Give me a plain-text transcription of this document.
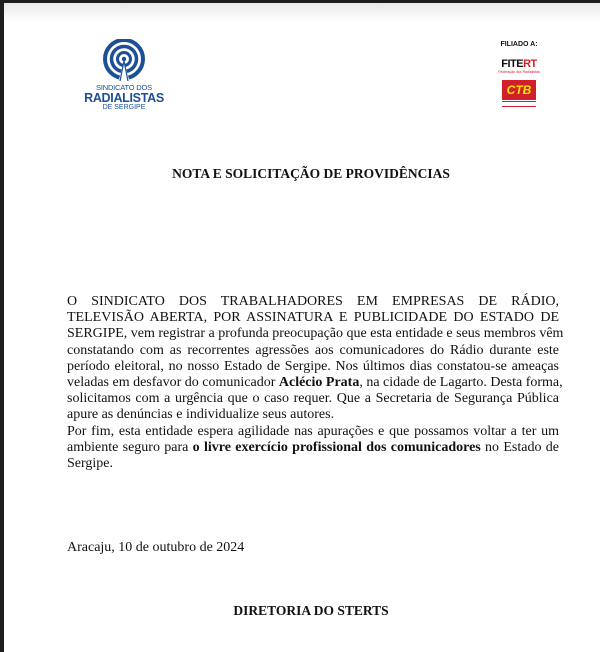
SINDICATO DOS
RADIALISTAS
DE SERGIPE
FILIADO A:
FITERT
Federação dos Radialistas
CTB
NOTA E SOLICITAÇÃO DE PROVIDÊNCIAS
O SINDICATO DOS TRABALHADORES EM EMPRESAS DE RÁDIO,
TELEVISÃO ABERTA, POR ASSINATURA E PUBLICIDADE DO ESTADO DE
SERGIPE, vem registrar a profunda preocupação que esta entidade e seus membros vêm
constatando com as recorrentes agressões aos comunicadores do Rádio durante este
período eleitoral, no nosso Estado de Sergipe. Nos últimos dias constatou-se ameaças
veladas em desfavor do comunicador Aclécio Prata, na cidade de Lagarto. Desta forma,
solicitamos com a urgência que o caso requer. Que a Secretaria de Segurança Pública
apure as denúncias e individualize seus autores.
Por fim, esta entidade espera agilidade nas apurações e que possamos voltar a ter um
ambiente seguro para o livre exercício profissional dos comunicadores no Estado de
Sergipe.
Aracaju, 10 de outubro de 2024
DIRETORIA DO STERTS
